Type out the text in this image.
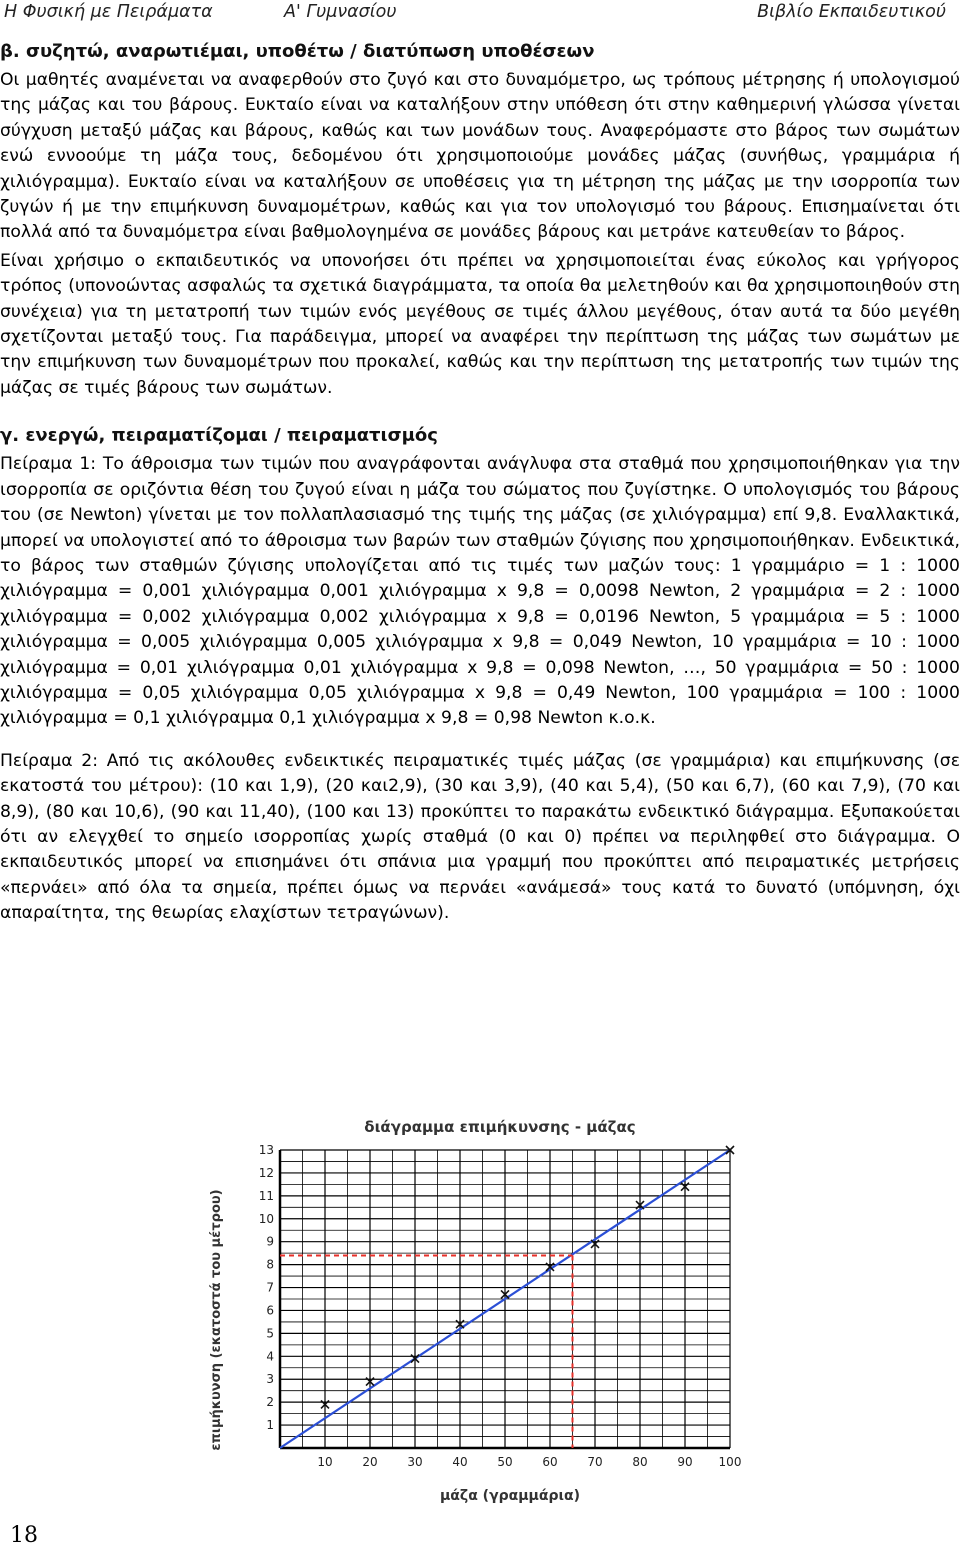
Η Φυσική με Πειράματα	Α' Γυμνασίου	Βιβλίο Εκπαιδευτικού
β. συζητώ, αναρωτιέμαι, υποθέτω / διατύπωση υποθέσεων

Οι μαθητές αναμένεται να αναφερθούν στο ζυγό και στο δυναμόμετρο, ως τρόπους μέτρησης ή υπολογισμού της μάζας και του βάρους. Ευκταίο είναι να καταλήξουν στην υπόθεση ότι στην καθημερινή γλώσσα γίνεται σύγχυση μεταξύ μάζας και βάρους, καθώς και των μονάδων τους. Αναφερόμαστε στο βάρος των σωμάτων ενώ εννοούμε τη μάζα τους, δεδομένου ότι χρησιμοποιούμε μονάδες μάζας (συνήθως, γραμμάρια ή χιλιόγραμμα). Ευκταίο είναι να καταλήξουν σε υποθέσεις για τη μέτρηση της μάζας με την ισορροπία των ζυγών ή με την επιμήκυνση δυναμομέτρων, καθώς και για τον υπολογισμό του βάρους. Επισημαίνεται ότι πολλά από τα δυναμόμετρα είναι βαθμολογημένα σε μονάδες βάρους και μετράνε κατευθείαν το βάρος.

Είναι χρήσιμο ο εκπαιδευτικός να υπονοήσει ότι πρέπει να χρησιμοποιείται ένας εύκολος και γρήγορος τρόπος (υπονοώντας ασφαλώς τα σχετικά διαγράμματα, τα οποία θα μελετηθούν και θα χρησιμοποιηθούν στη συνέχεια) για τη μετατροπή των τιμών ενός μεγέθους σε τιμές άλλου μεγέθους, όταν αυτά τα δύο μεγέθη σχετίζονται μεταξύ τους. Για παράδειγμα, μπορεί να αναφέρει την περίπτωση της μάζας των σωμάτων με την επιμήκυνση των δυναμομέτρων που προκαλεί, καθώς και την περίπτωση της μετατροπής των τιμών της μάζας σε τιμές βάρους των σωμάτων.

γ. ενεργώ, πειραματίζομαι / πειραματισμός

Πείραμα 1: Το άθροισμα των τιμών που αναγράφονται ανάγλυφα στα σταθμά που χρησιμοποιήθηκαν για την ισορροπία σε οριζόντια θέση του ζυγού είναι η μάζα του σώματος που ζυγίστηκε. Ο υπολογισμός του βάρους του (σε Newton) γίνεται με τον πολλαπλασιασμό της τιμής της μάζας (σε χιλιόγραμμα) επί 9,8. Εναλλακτικά, μπορεί να υπολογιστεί από το άθροισμα των βαρών των σταθμών ζύγισης που χρησιμοποιήθηκαν. Ενδεικτικά, το βάρος των σταθμών ζύγισης υπολογίζεται από τις τιμές των μαζών τους: 1 γραμμάριο = 1 : 1000 χιλιόγραμμα = 0,001 χιλιόγραμμα 0,001 χιλιόγραμμα x 9,8 = 0,0098 Newton, 2 γραμμάρια = 2 : 1000 χιλιόγραμμα = 0,002 χιλιόγραμμα 0,002 χιλιόγραμμα x 9,8 = 0,0196 Newton, 5 γραμμάρια = 5 : 1000 χιλιόγραμμα = 0,005 χιλιόγραμμα 0,005 χιλιόγραμμα x 9,8 = 0,049 Newton, 10 γραμμάρια = 10 : 1000 χιλιόγραμμα = 0,01 χιλιόγραμμα 0,01 χιλιόγραμμα x 9,8 = 0,098 Newton, …, 50 γραμμάρια = 50 : 1000 χιλιόγραμμα = 0,05 χιλιόγραμμα 0,05 χιλιόγραμμα x 9,8 = 0,49 Newton, 100 γραμμάρια = 100 : 1000 χιλιόγραμμα = 0,1 χιλιόγραμμα 0,1 χιλιόγραμμα x 9,8 = 0,98 Newton κ.ο.κ.

Πείραμα 2: Από τις ακόλουθες ενδεικτικές πειραματικές τιμές μάζας (σε γραμμάρια) και επιμήκυνσης (σε εκατοστά του μέτρου): (10 και 1,9), (20 και2,9), (30 και 3,9), (40 και 5,4), (50 και 6,7), (60 και 7,9), (70 και 8,9), (80 και 10,6), (90 και 11,40), (100 και 13) προκύπτει το παρακάτω ενδεικτικό διάγραμμα. Εξυπακούεται ότι αν ελεγχθεί το σημείο ισορροπίας χωρίς σταθμά (0 και 0) πρέπει να περιληφθεί στο διάγραμμα. Ο εκπαιδευτικός μπορεί να επισημάνει ότι σπάνια μια γραμμή που προκύπτει από πειραματικές μετρήσεις «περνάει» από όλα τα σημεία, πρέπει όμως να περνάει «ανάμεσά» τους κατά το δυνατό (υπόμνηση, όχι απαραίτητα, της θεωρίας ελαχίστων τετραγώνων).

διάγραμμα επιμήκυνσης - μάζας
10 20 30 40 50 60 70 80 90 100
1
2
3
4
5
6
7
8
9
10
11
12
13
μάζα (γραμμάρια)
επιμήκυνση (εκατοστά του μέτρου)
18
